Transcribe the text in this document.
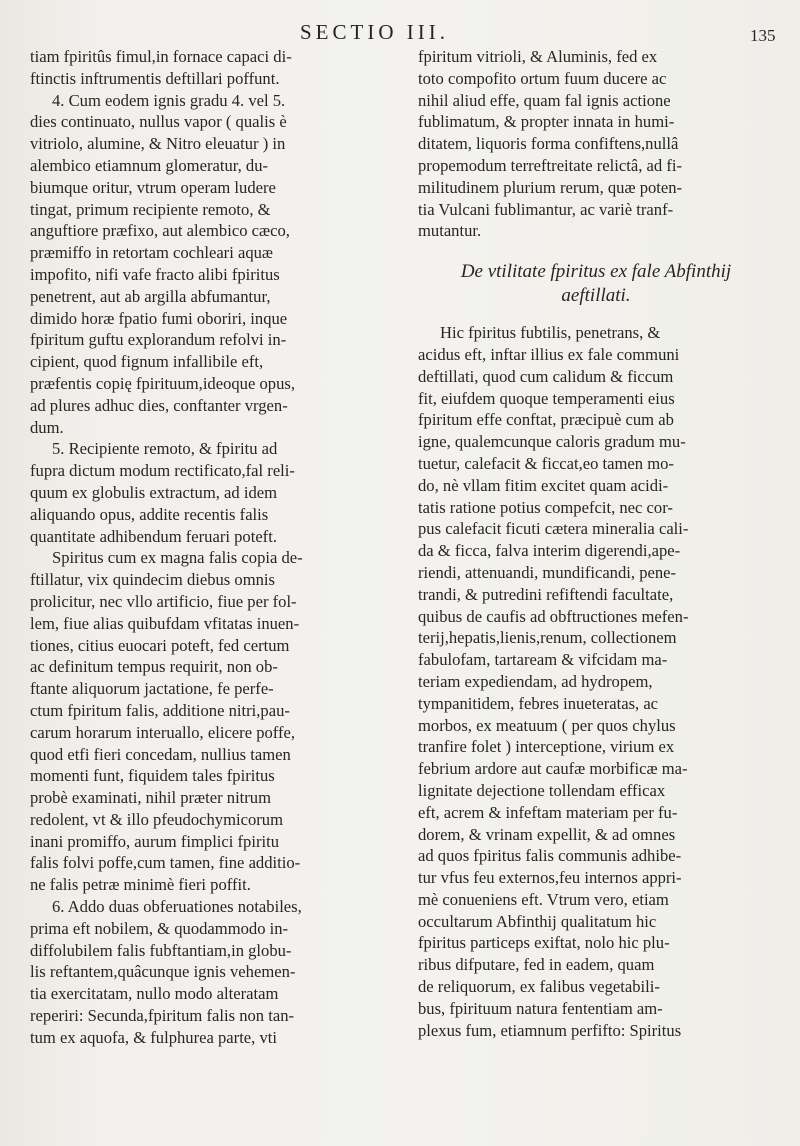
SECTIO III.	135
tiam fpiritûs fimul,in fornace capaci di-
ftinctis inftrumentis deftillari poffunt.
4. Cum eodem ignis gradu 4. vel 5.
dies continuato, nullus vapor ( qualis è
vitriolo, alumine, & Nitro eleuatur ) in
alembico etiamnum glomeratur, du-
biumque oritur, vtrum operam ludere
tingat, primum recipiente remoto, &
anguftiore præfixo, aut alembico cæco,
præmiffo in retortam cochleari aquæ
impofito, nifi vafe fracto alibi fpiritus
penetrent, aut ab argilla abfumantur,
dimido horæ fpatio fumi oboriri, inque
fpiritum guftu explorandum refolvi in-
cipient, quod fignum infallibile eft,
præfentis copię fpirituum,ideoque opus,
ad plures adhuc dies, conftanter vrgen-
dum.
5. Recipiente remoto, & fpiritu ad
fupra dictum modum rectificato,fal reli-
quum ex globulis extractum, ad idem
aliquando opus, addite recentis falis
quantitate adhibendum feruari poteft.
Spiritus cum ex magna falis copia de-
ftillatur, vix quindecim diebus omnis
prolicitur, nec vllo artificio, fiue per fol-
lem, fiue alias quibufdam vfitatas inuen-
tiones, citius euocari poteft, fed certum
ac definitum tempus requirit, non ob-
ftante aliquorum jactatione, fe perfe-
ctum fpiritum falis, additione nitri,pau-
carum horarum interuallo, elicere poffe,
quod etfi fieri concedam, nullius tamen
momenti funt, fiquidem tales fpiritus
probè examinati, nihil præter nitrum
redolent, vt & illo pfeudochymicorum
inani promiffo, aurum fimplici fpiritu
falis folvi poffe,cum tamen, fine additio-
ne falis petræ minimè fieri poffit.
6. Addo duas obferuationes notabiles,
prima eft nobilem, & quodammodo in-
diffolubilem falis fubftantiam,in globu-
lis reftantem,quâcunque ignis vehemen-
tia exercitatam, nullo modo alteratam
reperiri: Secunda,fpiritum falis non tan-
tum ex aquofa, & fulphurea parte, vti
fpiritum vitrioli, & Aluminis, fed ex
toto compofito ortum fuum ducere ac
nihil aliud effe, quam fal ignis actione
fublimatum, & propter innata in humi-
ditatem, liquoris forma confiftens,nullâ
propemodum terreftreitate relictâ, ad fi-
militudinem plurium rerum, quæ poten-
tia Vulcani fublimantur, ac variè tranf-
mutantur.
De vtilitate fpiritus ex fale Abfinthij
aeftillati.
Hic fpiritus fubtilis, penetrans, &
acidus eft, inftar illius ex fale communi
deftillati, quod cum calidum & ficcum
fit, eiufdem quoque temperamenti eius
fpiritum effe conftat, præcipuè cum ab
igne, qualemcunque caloris gradum mu-
tuetur, calefacit & ficcat,eo tamen mo-
do, nè vllam fitim excitet quam acidi-
tatis ratione potius compefcit, nec cor-
pus calefacit ficuti cætera mineralia cali-
da & ficca, falva interim digerendi,ape-
riendi, attenuandi, mundificandi, pene-
trandi, & putredini refiftendi facultate,
quibus de caufis ad obftructiones mefen-
terij,hepatis,lienis,renum, collectionem
fabulofam, tartaream & vifcidam ma-
teriam expediendam, ad hydropem,
tympanitidem, febres inueteratas, ac
morbos, ex meatuum ( per quos chylus
tranfire folet ) interceptione, virium ex
febrium ardore aut caufæ morbificæ ma-
lignitate dejectione tollendam efficax
eft, acrem & infeftam materiam per fu-
dorem, & vrinam expellit, & ad omnes
ad quos fpiritus falis communis adhibe-
tur vfus feu externos,feu internos appri-
mè conueniens eft. Vtrum vero, etiam
occultarum Abfinthij qualitatum hic
fpiritus particeps exiftat, nolo hic plu-
ribus difputare, fed in eadem, quam
de reliquorum, ex falibus vegetabili-
bus, fpirituum natura fententiam am-
plexus fum, etiamnum perfifto: Spiritus
